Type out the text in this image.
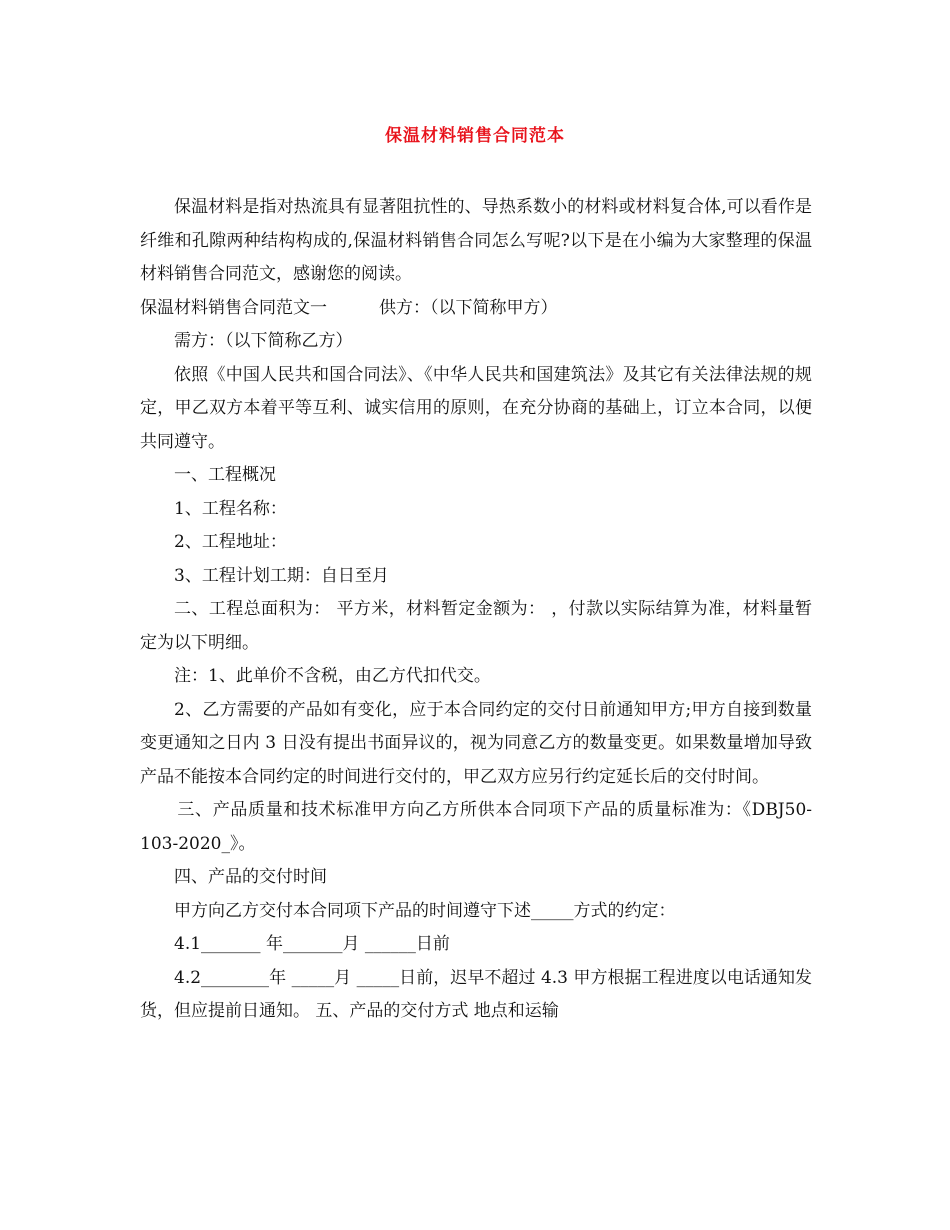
保温材料销售合同范本

保温材料是指对热流具有显著阻抗性的、导热系数小的材料或材料复合体,可以看作是纤维和孔隙两种结构构成的,保温材料销售合同怎么写呢?以下是在小编为大家整理的保温材料销售合同范文，感谢您的阅读。

保温材料销售合同范文一	供方：（以下简称甲方）

需方：（以下简称乙方）

依照《中国人民共和国合同法》、《中华人民共和国建筑法》及其它有关法律法规的规定，甲乙双方本着平等互利、诚实信用的原则，在充分协商的基础上，订立本合同，以便共同遵守。

一、工程概况

1、工程名称：

2、工程地址：

3、工程计划工期：自日至月

二、工程总面积为： 平方米，材料暂定金额为： ，付款以实际结算为准，材料量暂定为以下明细。

注：1、此单价不含税，由乙方代扣代交。

2、乙方需要的产品如有变化，应于本合同约定的交付日前通知甲方;甲方自接到数量变更通知之日内 3 日没有提出书面异议的，视为同意乙方的数量变更。如果数量增加导致产品不能按本合同约定的时间进行交付的，甲乙双方应另行约定延长后的交付时间。

三、产品质量和技术标准甲方向乙方所供本合同项下产品的质量标准为：《DBJ50-103-2020_》。

四、产品的交付时间

甲方向乙方交付本合同项下产品的时间遵守下述_____方式的约定：

4.1_______ 年_______月 ______日前

4.2________年 _____月 _____日前，迟早不超过 4.3 甲方根据工程进度以电话通知发货，但应提前日通知。 五、产品的交付方式 地点和运输
